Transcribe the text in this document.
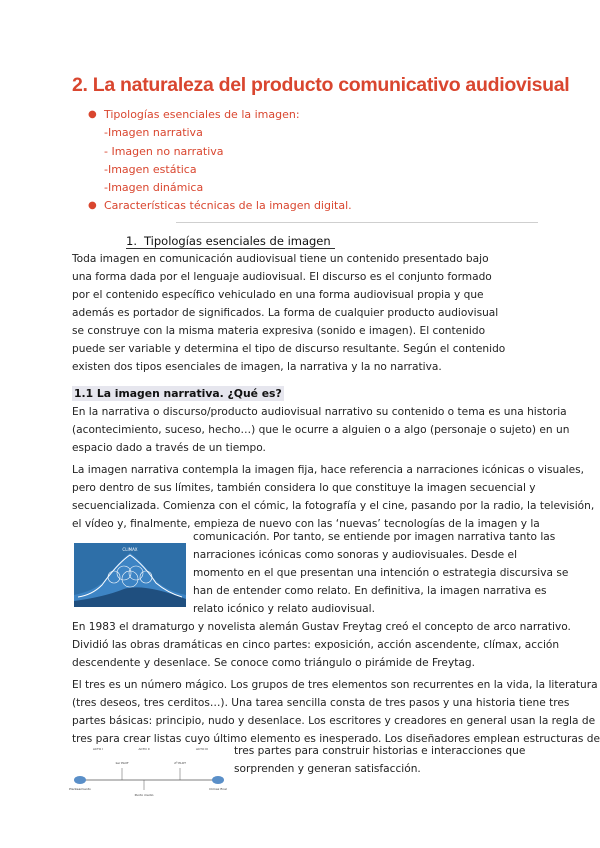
2. La naturaleza del producto comunicativo audiovisual
● Tipologías esenciales de la imagen:
-Imagen narrativa
- Imagen no narrativa
-Imagen estática
-Imagen dinámica
● Características técnicas de la imagen digital.
1. Tipologías esenciales de imagen
Toda imagen en comunicación audiovisual tiene un contenido presentado bajo
una forma dada por el lenguaje audiovisual. El discurso es el conjunto formado
por el contenido específico vehiculado en una forma audiovisual propia y que
además es portador de significados. La forma de cualquier producto audiovisual
se construye con la misma materia expresiva (sonido e imagen). El contenido
puede ser variable y determina el tipo de discurso resultante. Según el contenido
existen dos tipos esenciales de imagen, la narrativa y la no narrativa.
1.1 La imagen narrativa. ¿Qué es?
En la narrativa o discurso/producto audiovisual narrativo su contenido o tema es una historia
(acontecimiento, suceso, hecho…) que le ocurre a alguien o a algo (personaje o sujeto) en un
espacio dado a través de un tiempo.
La imagen narrativa contempla la imagen fija, hace referencia a narraciones icónicas o visuales,
pero dentro de sus límites, también considera lo que constituye la imagen secuencial y
secuencializada. Comienza con el cómic, la fotografía y el cine, pasando por la radio, la televisión,
el vídeo y, finalmente, empieza de nuevo con las ‘nuevas’ tecnologías de la imagen y la
CLIMAX
comunicación. Por tanto, se entiende por imagen narrativa tanto las
narraciones icónicas como sonoras y audiovisuales. Desde el
momento en el que presentan una intención o estrategia discursiva se
han de entender como relato. En definitiva, la imagen narrativa es
relato icónico y relato audiovisual.
En 1983 el dramaturgo y novelista alemán Gustav Freytag creó el concepto de arco narrativo.
Dividió las obras dramáticas en cinco partes: exposición, acción ascendente, clímax, acción
descendente y desenlace. Se conoce como triángulo o pirámide de Freytag.
El tres es un número mágico. Los grupos de tres elementos son recurrentes en la vida, la literatura
(tres deseos, tres cerditos…). Una tarea sencilla consta de tres pasos y una historia tiene tres
partes básicas: principio, nudo y desenlace. Los escritores y creadores en general usan la regla de
tres para crear listas cuyo último elemento es inesperado. Los diseñadores emplean estructuras de
ACTO I	ACTO II	ACTO III
1er PLOT	2º PLOT
Punto medio
Planteamiento	Climax final
tres partes para construir historias e interacciones que
sorprenden y generan satisfacción.
